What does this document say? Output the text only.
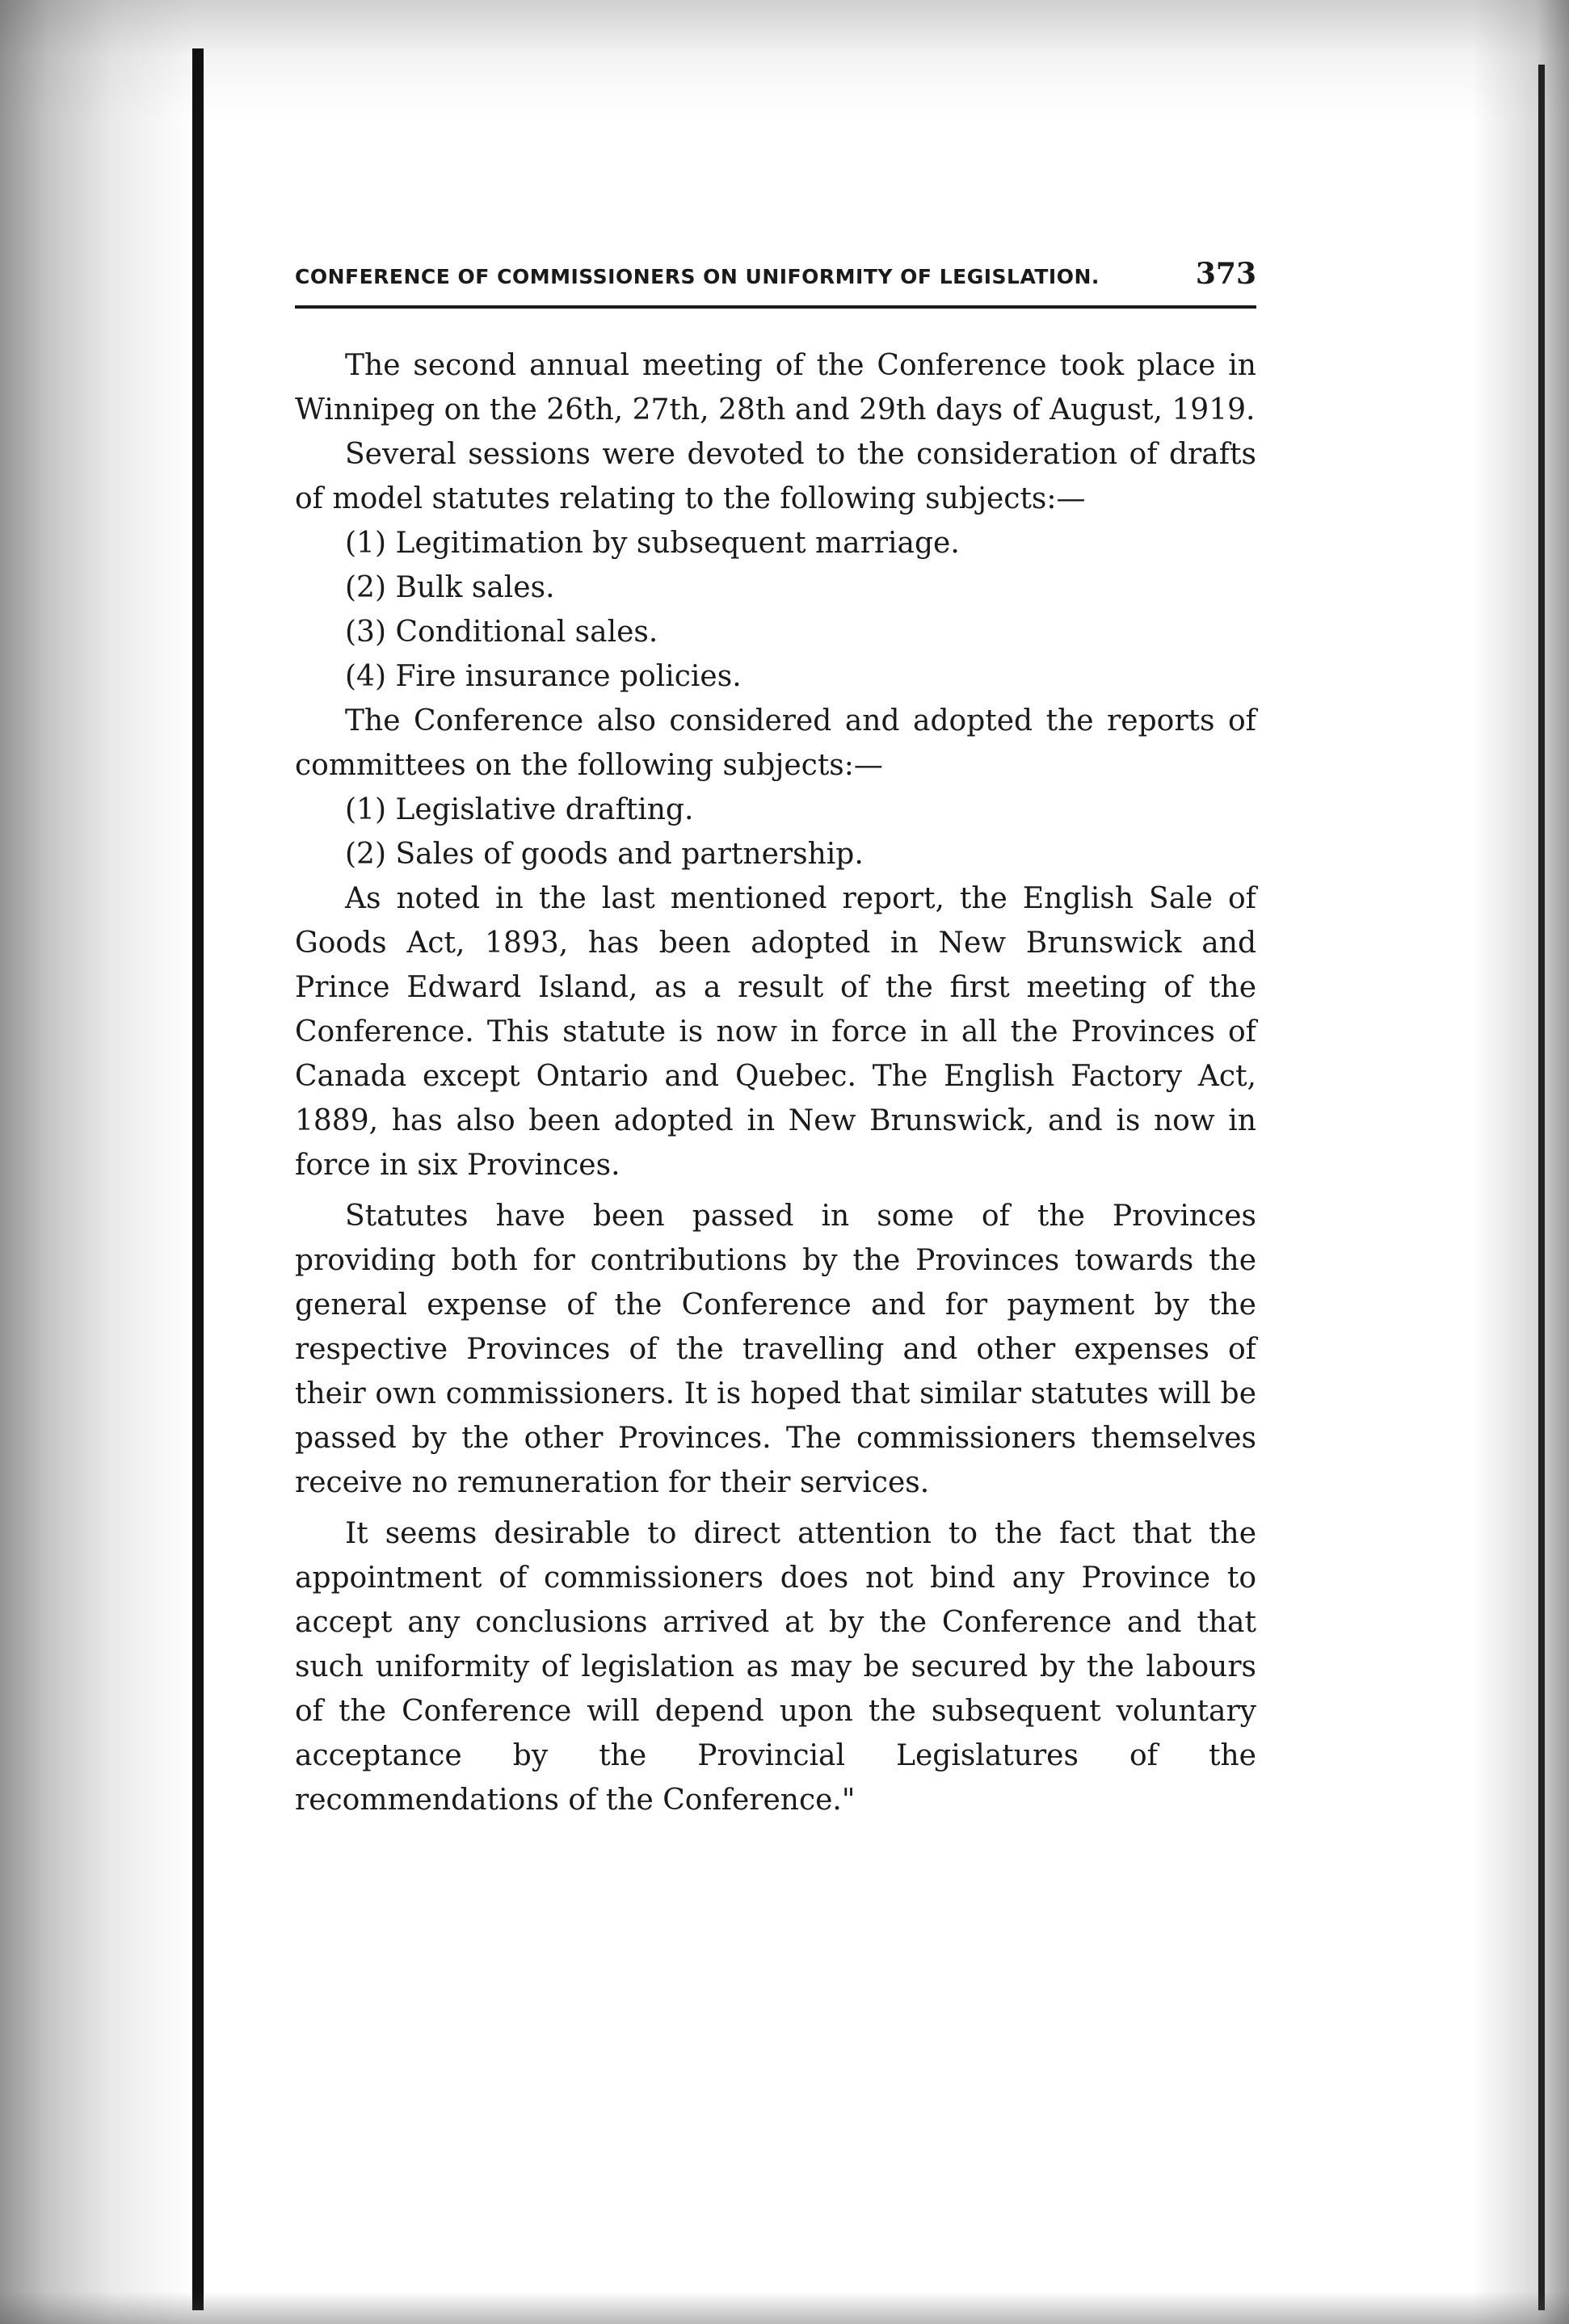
CONFERENCE OF COMMISSIONERS ON UNIFORMITY OF LEGISLATION.	373

The second annual meeting of the Conference took place in Winnipeg on the 26th, 27th, 28th and 29th days of August, 1919.

Several sessions were devoted to the consideration of drafts of model statutes relating to the following subjects:—

(1) Legitimation by subsequent marriage.
(2) Bulk sales.
(3) Conditional sales.
(4) Fire insurance policies.

The Conference also considered and adopted the reports of committees on the following subjects:—

(1) Legislative drafting.
(2) Sales of goods and partnership.

As noted in the last mentioned report, the English Sale of Goods Act, 1893, has been adopted in New Brunswick and Prince Edward Island, as a result of the first meeting of the Conference. This statute is now in force in all the Provinces of Canada except Ontario and Quebec. The English Factory Act, 1889, has also been adopted in New Brunswick, and is now in force in six Provinces.

Statutes have been passed in some of the Provinces providing both for contributions by the Provinces towards the general expense of the Conference and for payment by the respective Provinces of the travelling and other expenses of their own commissioners. It is hoped that similar statutes will be passed by the other Provinces. The commissioners themselves receive no remuneration for their services.

It seems desirable to direct attention to the fact that the appointment of commissioners does not bind any Province to accept any conclusions arrived at by the Conference and that such uniformity of legislation as may be secured by the labours of the Conference will depend upon the subsequent voluntary acceptance by the Provincial Legislatures of the recommendations of the Conference."
